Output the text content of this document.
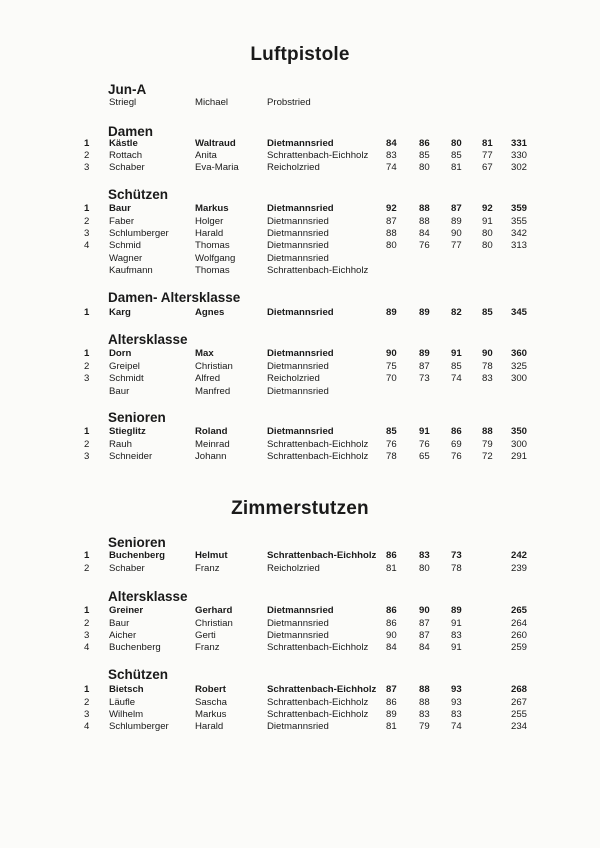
Luftpistole
Jun-A
Striegl	Michael	Probstried
Damen
1 Kästle	Waltraud	Dietmannsried	84 86 80 81 331
2 Rottach	Anita	Schrattenbach-Eichholz 83 85 85 77 330
3 Schaber	Eva-Maria	Reicholzried	74 80 81 67 302
Schützen
1 Baur	Markus	Dietmannsried	92 88 87 92 359
2 Faber	Holger	Dietmannsried	87 88 89 91 355
3 Schlumberger	Harald	Dietmannsried	88 84 90 80 342
4 Schmid	Thomas	Dietmannsried	80 76 77 80 313
Wagner	Wolfgang	Dietmannsried
Kaufmann	Thomas	Schrattenbach-Eichholz
Damen- Altersklasse
1 Karg	Agnes	Dietmannsried	89 89 82 85 345
Altersklasse
1 Dorn	Max	Dietmannsried	90 89 91 90 360
2 Greipel	Christian	Dietmannsried	75 87 85 78 325
3 Schmidt	Alfred	Reicholzried	70 73 74 83 300
Baur	Manfred	Dietmannsried
Senioren
1 Stieglitz	Roland	Dietmannsried	85 91 86 88 350
2 Rauh	Meinrad	Schrattenbach-Eichholz 76 76 69 79 300
3 Schneider	Johann	Schrattenbach-Eichholz 78 65 76 72 291
Zimmerstutzen
Senioren
1 Buchenberg	Helmut	Schrattenbach-Eichholz 86 83 73	242
2 Schaber	Franz	Reicholzried	81 80 78	239
Altersklasse
1 Greiner	Gerhard	Dietmannsried	86 90 89	265
2 Baur	Christian	Dietmannsried	86 87 91	264
3 Aicher	Gerti	Dietmannsried	90 87 83	260
4 Buchenberg	Franz	Schrattenbach-Eichholz 84 84 91	259
Schützen
1 Bietsch	Robert	Schrattenbach-Eichholz 87 88 93	268
2 Läufle	Sascha	Schrattenbach-Eichholz 86 88 93	267
3 Wilhelm	Markus	Schrattenbach-Eichholz 89 83 83	255
4 Schlumberger	Harald	Dietmannsried	81 79 74	234
